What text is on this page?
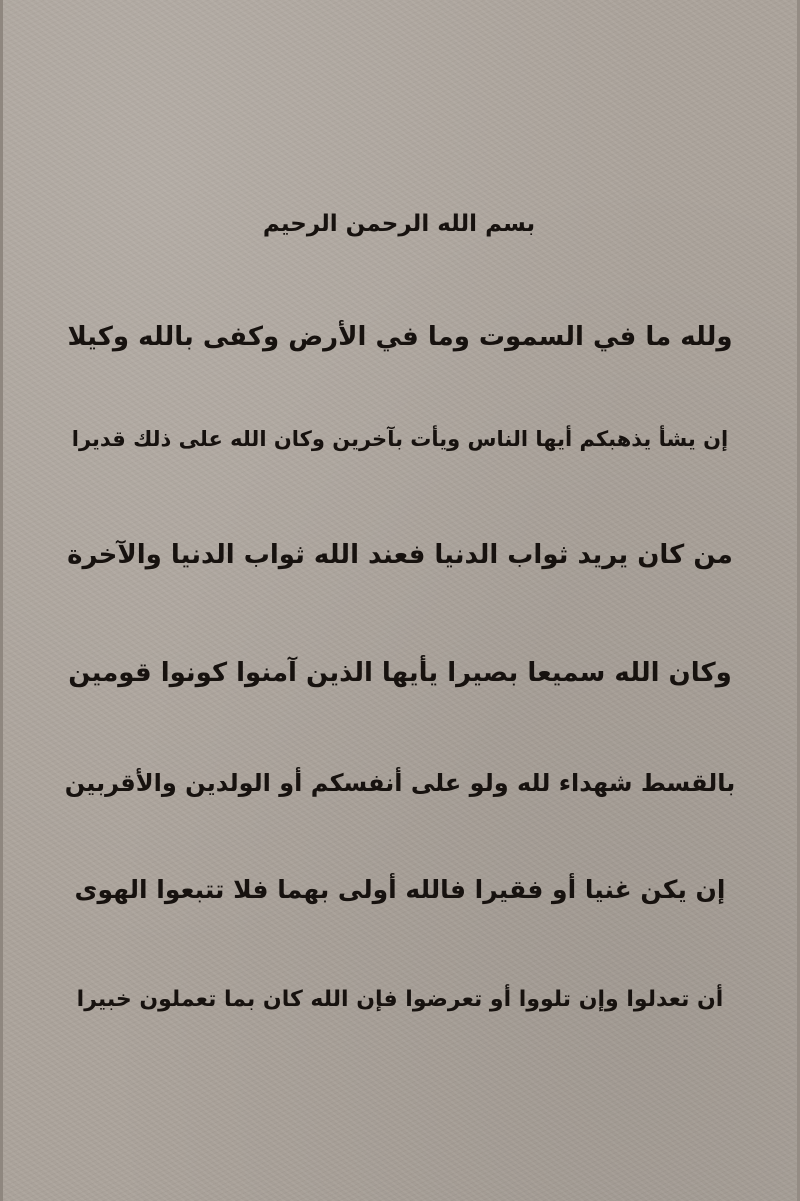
بسم الله الرحمن الرحيم
ولله ما في السموت وما في الأرض وكفى بالله وكيلا
إن يشأ يذهبكم أيها الناس ويأت بآخرين وكان الله على ذلك قديرا
من كان يريد ثواب الدنيا فعند الله ثواب الدنيا والآخرة
وكان الله سميعا بصيرا يأيها الذين آمنوا كونوا قومين
بالقسط شهداء لله ولو على أنفسكم أو الولدين والأقربين
إن يكن غنيا أو فقيرا فالله أولى بهما فلا تتبعوا الهوى
أن تعدلوا وإن تلووا أو تعرضوا فإن الله كان بما تعملون خبيرا
